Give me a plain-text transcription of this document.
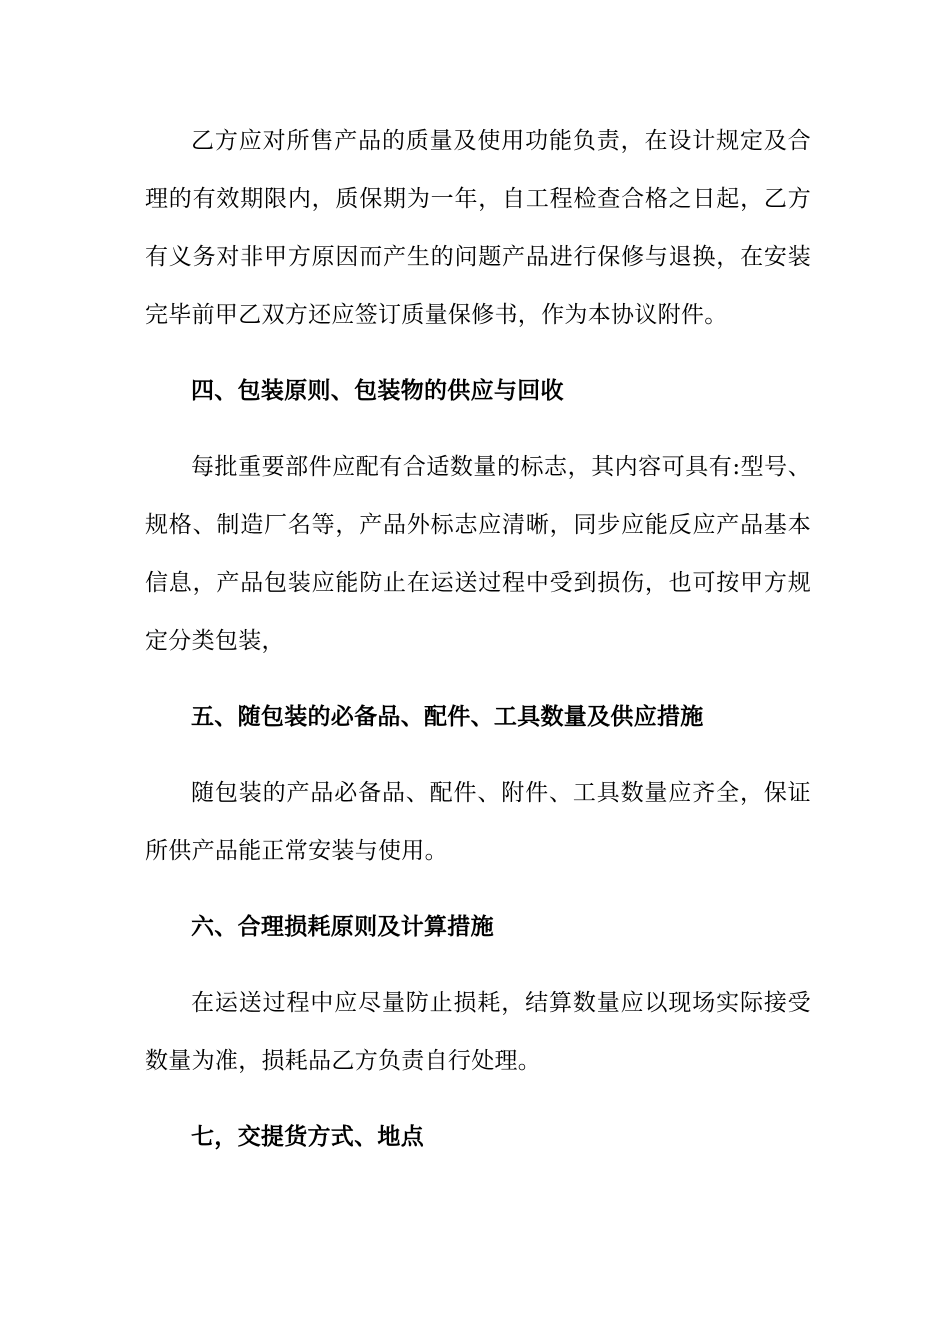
乙方应对所售产品的质量及使用功能负责，在设计规定及合理的有效期限内，质保期为一年，自工程检查合格之日起，乙方有义务对非甲方原因而产生的问题产品进行保修与退换，在安装完毕前甲乙双方还应签订质量保修书，作为本协议附件。

四、包装原则、包装物的供应与回收

每批重要部件应配有合适数量的标志，其内容可具有:型号、规格、制造厂名等，产品外标志应清晰，同步应能反应产品基本信息，产品包装应能防止在运送过程中受到损伤，也可按甲方规定分类包装，

五、随包装的必备品、配件、工具数量及供应措施

随包装的产品必备品、配件、附件、工具数量应齐全，保证所供产品能正常安装与使用。

六、合理损耗原则及计算措施

在运送过程中应尽量防止损耗，结算数量应以现场实际接受数量为准，损耗品乙方负责自行处理。

七，交提货方式、地点
